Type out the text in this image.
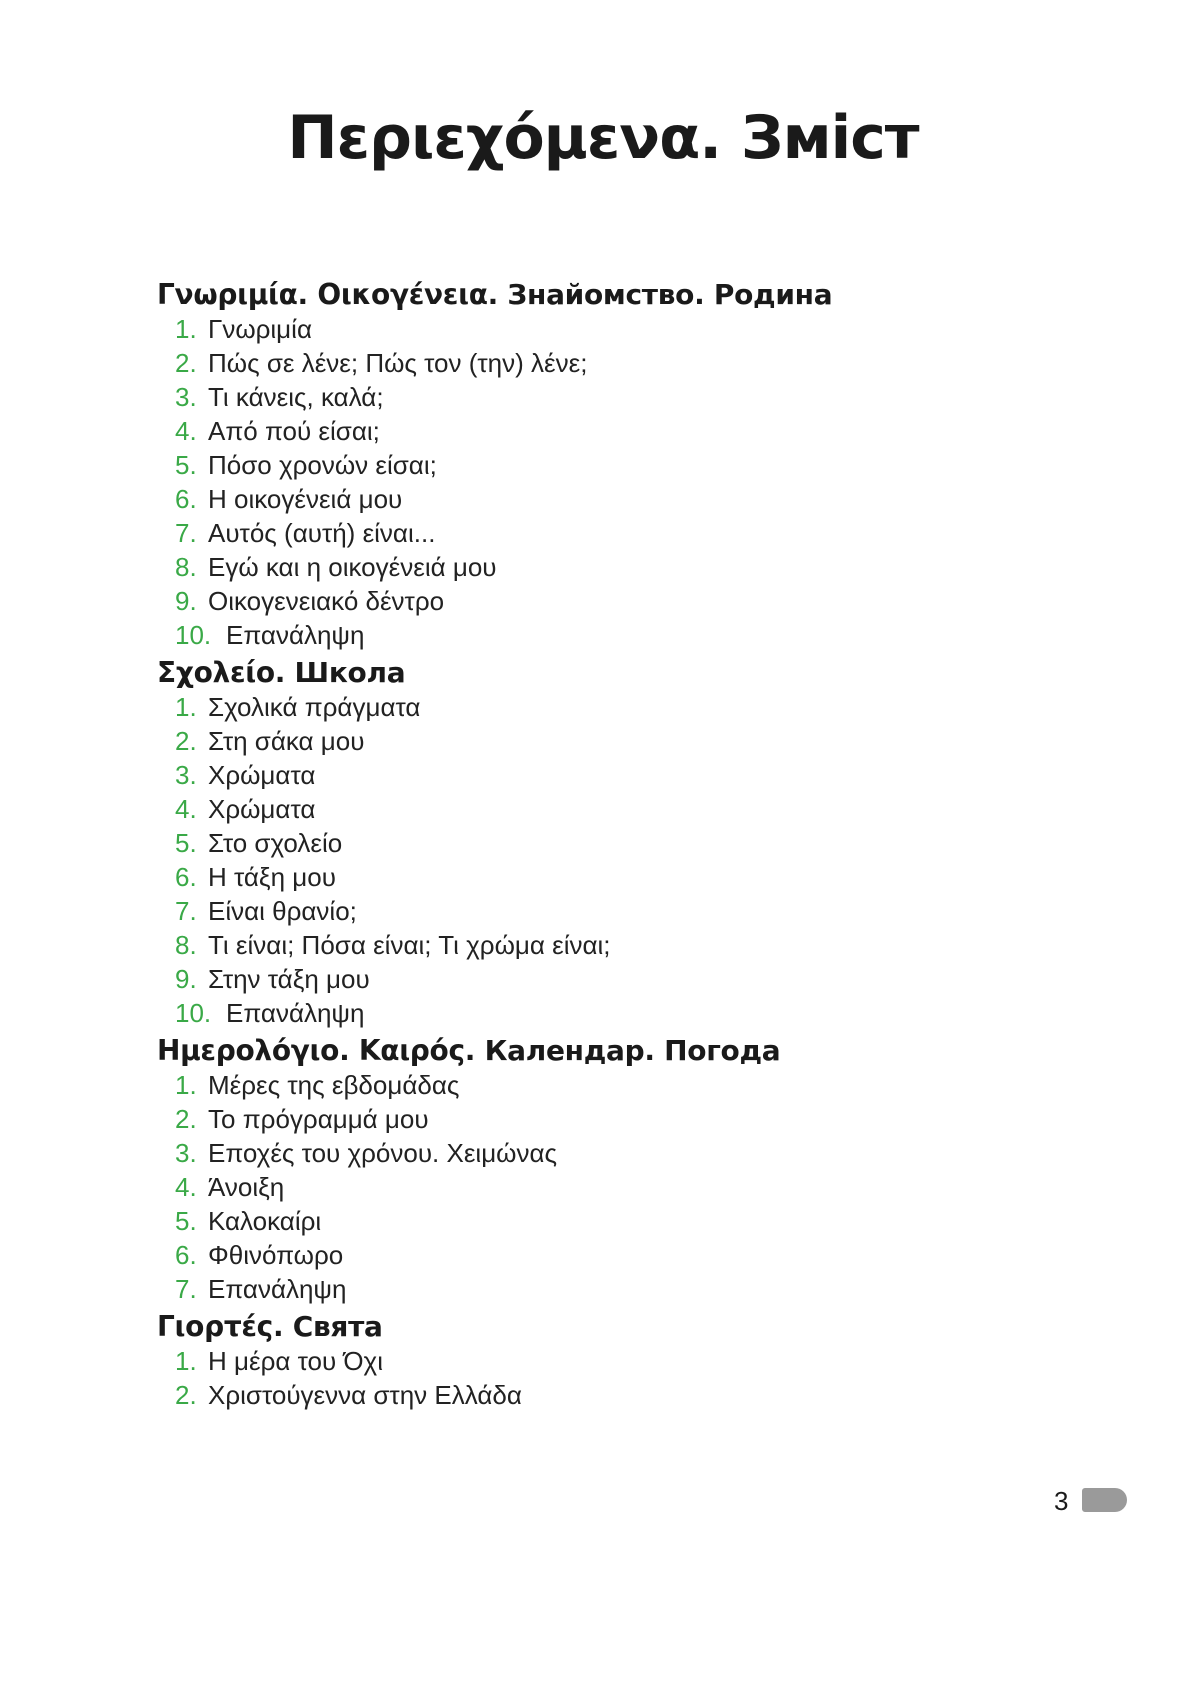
Περιεχόμενα. Зміст
Γνωριμία. Οικογένεια. Знайомство. Родина
1. Γνωριμία
2. Πώς σε λένε; Πώς τον (την) λένε;
3. Τι κάνεις, καλά;
4. Από πού είσαι;
5. Πόσο χρονών είσαι;
6. Η οικογένειά μου
7. Αυτός (αυτή) είναι...
8. Εγώ και η οικογένειά μου
9. Οικογενειακό δέντρο
10. Επανάληψη
Σχολείο. Школа
1. Σχολικά πράγματα
2. Στη σάκα μου
3. Χρώματα
4. Χρώματα
5. Στο σχολείο
6. Η τάξη μου
7. Είναι θρανίο;
8. Τι είναι; Πόσα είναι; Τι χρώμα είναι;
9. Στην τάξη μου
10. Επανάληψη
Ημερολόγιο. Καιρός. Календар. Погода
1. Μέρες της εβδομάδας
2. Το πρόγραμμά μου
3. Εποχές του χρόνου. Χειμώνας
4. Άνοιξη
5. Καλοκαίρι
6. Φθινόπωρο
7. Επανάληψη
Γιορτές. Свята
1. Η μέρα του Όχι
2. Χριστούγεννα στην Ελλάδα
3
